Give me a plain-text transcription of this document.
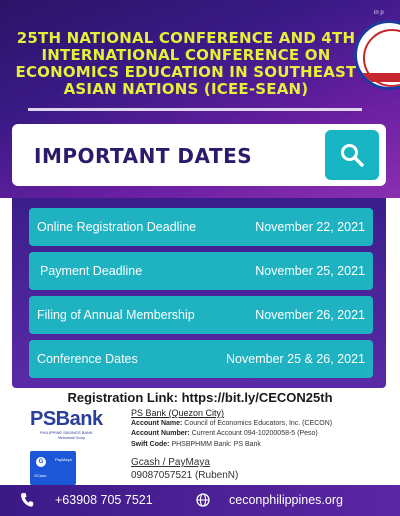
25TH NATIONAL CONFERENCE AND 4TH INTERNATIONAL CONFERENCE ON ECONOMICS EDUCATION IN SOUTHEAST ASIAN NATIONS (ICEE-SEAN)
in p
IMPORTANT DATES
Online Registration Deadline	November 22, 2021
Payment Deadline	November 25, 2021
Filing of Annual Membership	November 26, 2021
Conference Dates	November 25 & 26, 2021
Registration Link: https://bit.ly/CECON25th
PSBank
PHILIPPINE SAVINGS BANK
Metrobank Group
PS Bank (Quezon City)
Account Name: Council of Economics Educators, Inc. (CECON)
Account Number: Current Account 094-10200058-5 (Peso)
Swift Code: PHSBPHMM Bank: PS Bank
G	PayMaya
GCash
Gcash / PayMaya
09087057521 (RubenN)
+63908 705 7521	ceconphilippines.org
